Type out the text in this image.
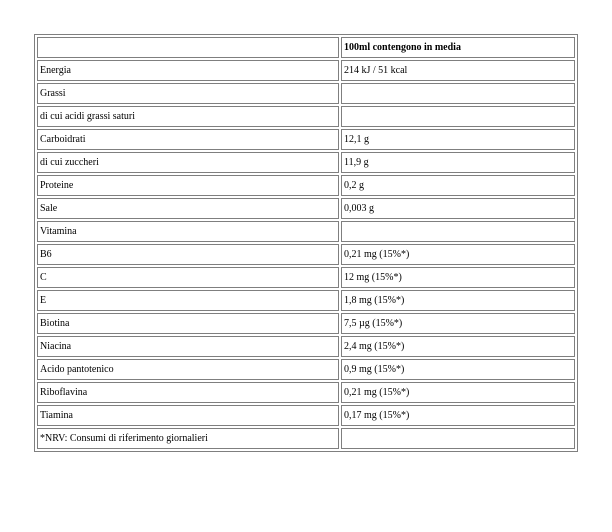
	100ml contengono in media
Energia	214 kJ / 51 kcal
Grassi	
di cui acidi grassi saturi	
Carboidrati	12,1 g
di cui zuccheri	11,9 g
Proteine	0,2 g
Sale	0,003 g
Vitamina	
B6	0,21 mg (15%*)
C	12 mg (15%*)
E	1,8 mg (15%*)
Biotina	7,5 µg (15%*)
Niacina	2,4 mg (15%*)
Acido pantotenico	0,9 mg (15%*)
Riboflavina	0,21 mg (15%*)
Tiamina	0,17 mg (15%*)
*NRV: Consumi di riferimento giornalieri	
